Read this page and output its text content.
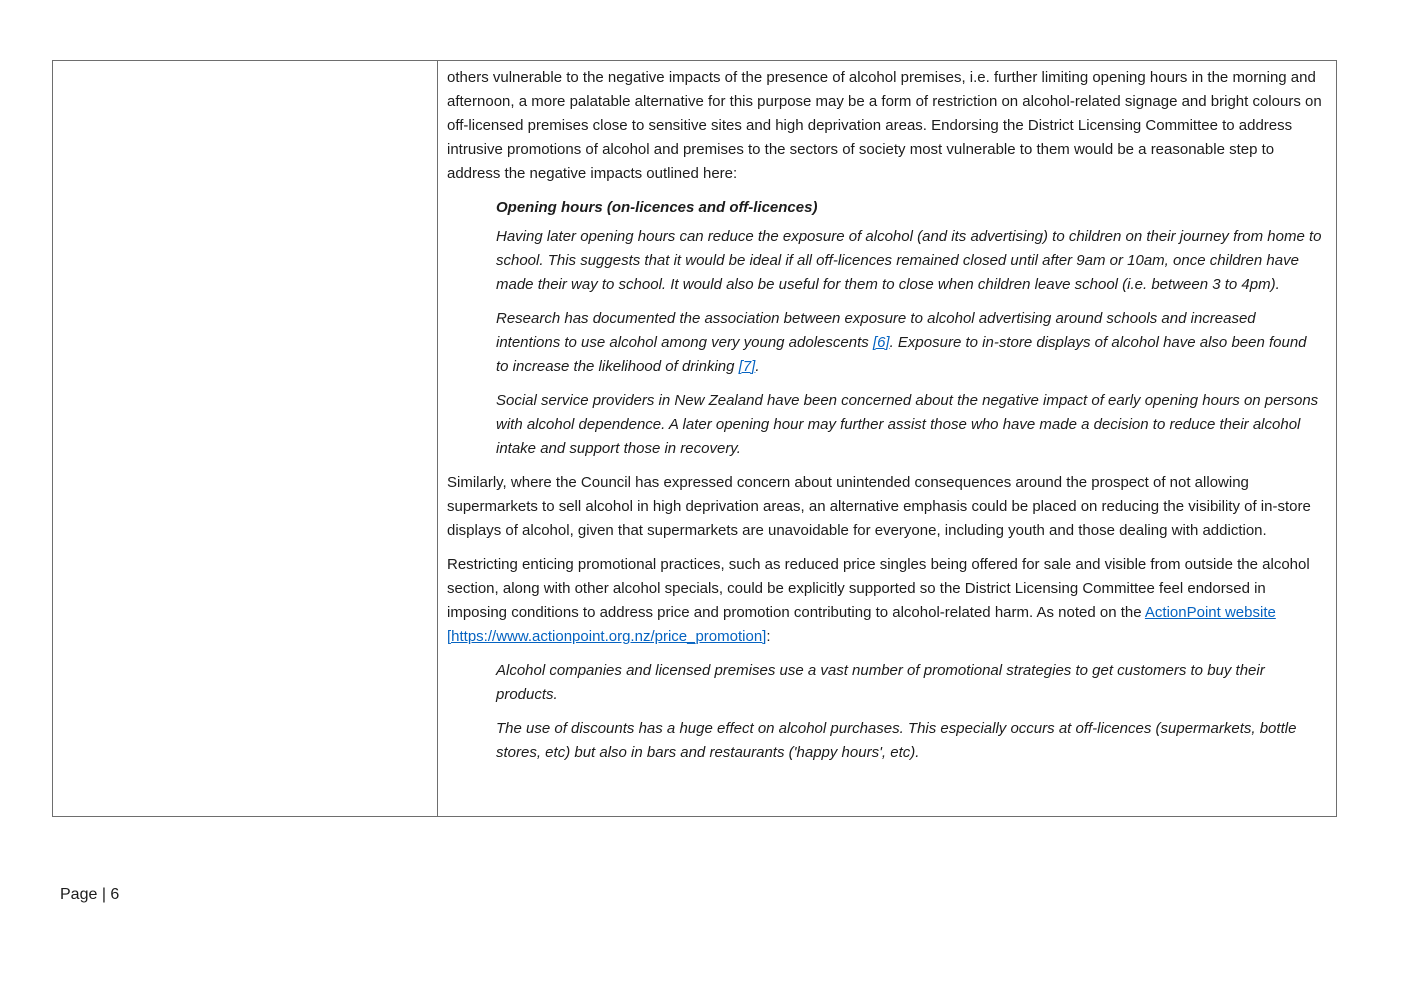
others vulnerable to the negative impacts of the presence of alcohol premises, i.e. further limiting opening hours in the morning and afternoon, a more palatable alternative for this purpose may be a form of restriction on alcohol-related signage and bright colours on off-licensed premises close to sensitive sites and high deprivation areas. Endorsing the District Licensing Committee to address intrusive promotions of alcohol and premises to the sectors of society most vulnerable to them would be a reasonable step to address the negative impacts outlined here:

Opening hours (on-licences and off-licences)

Having later opening hours can reduce the exposure of alcohol (and its advertising) to children on their journey from home to school. This suggests that it would be ideal if all off-licences remained closed until after 9am or 10am, once children have made their way to school. It would also be useful for them to close when children leave school (i.e. between 3 to 4pm).

Research has documented the association between exposure to alcohol advertising around schools and increased intentions to use alcohol among very young adolescents [6]. Exposure to in-store displays of alcohol have also been found to increase the likelihood of drinking [7].

Social service providers in New Zealand have been concerned about the negative impact of early opening hours on persons with alcohol dependence. A later opening hour may further assist those who have made a decision to reduce their alcohol intake and support those in recovery.

Similarly, where the Council has expressed concern about unintended consequences around the prospect of not allowing supermarkets to sell alcohol in high deprivation areas, an alternative emphasis could be placed on reducing the visibility of in-store displays of alcohol, given that supermarkets are unavoidable for everyone, including youth and those dealing with addiction.

Restricting enticing promotional practices, such as reduced price singles being offered for sale and visible from outside the alcohol section, along with other alcohol specials, could be explicitly supported so the District Licensing Committee feel endorsed in imposing conditions to address price and promotion contributing to alcohol-related harm. As noted on the ActionPoint website [https://www.actionpoint.org.nz/price_promotion]:

Alcohol companies and licensed premises use a vast number of promotional strategies to get customers to buy their products.

The use of discounts has a huge effect on alcohol purchases. This especially occurs at off-licences (supermarkets, bottle stores, etc) but also in bars and restaurants ('happy hours', etc).

Page | 6
